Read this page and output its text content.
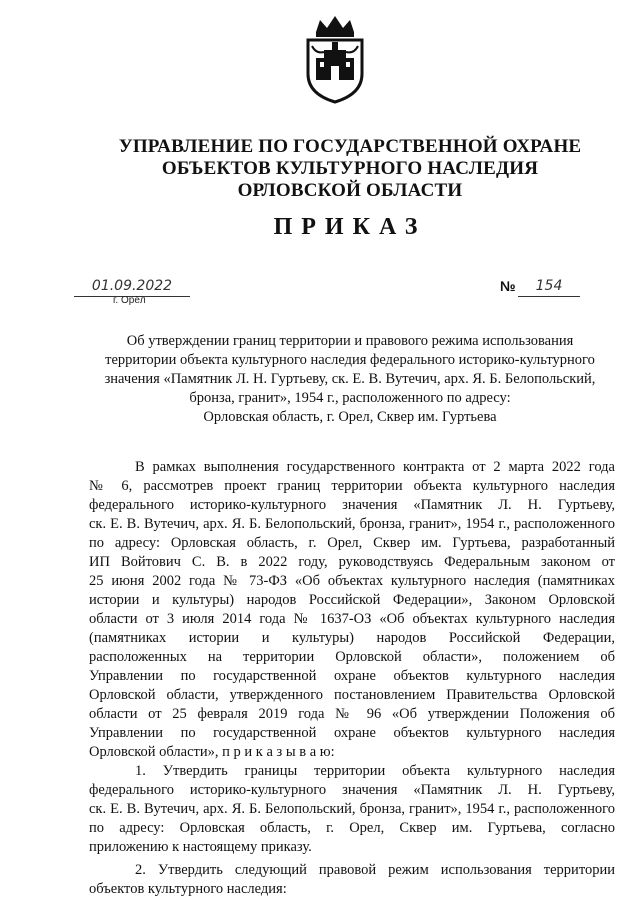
УПРАВЛЕНИЕ ПО ГОСУДАРСТВЕННОЙ ОХРАНЕ
ОБЪЕКТОВ КУЛЬТУРНОГО НАСЛЕДИЯ
ОРЛОВСКОЙ ОБЛАСТИ
ПРИКАЗ
01.09.2022
г. Орёл
№	154
Об утверждении границ территории и правового режима использования
территории объекта культурного наследия федерального историко-культурного
значения «Памятник Л. Н. Гуртьеву, ск. Е. В. Вутечич, арх. Я. Б. Белопольский,
бронза, гранит», 1954 г., расположенного по адресу:
Орловская область, г. Орел, Сквер им. Гуртьева
В рамках выполнения государственного контракта от 2 марта 2022 года
№ 6, рассмотрев проект границ территории объекта культурного наследия
федерального историко-культурного значения «Памятник Л. Н. Гуртьеву,
ск. Е. В. Вутечич, арх. Я. Б. Белопольский, бронза, гранит», 1954 г., расположенного
по адресу: Орловская область, г. Орел, Сквер им. Гуртьева, разработанный
ИП Войтович С. В. в 2022 году, руководствуясь Федеральным законом от
25 июня 2002 года № 73-ФЗ «Об объектах культурного наследия (памятниках
истории и культуры) народов Российской Федерации», Законом Орловской
области от 3 июля 2014 года № 1637-ОЗ «Об объектах культурного наследия
(памятниках истории и культуры) народов Российской Федерации,
расположенных на территории Орловской области», положением об
Управлении по государственной охране объектов культурного наследия
Орловской области, утвержденного постановлением Правительства Орловской
области от 25 февраля 2019 года № 96 «Об утверждении Положения об
Управлении по государственной охране объектов культурного наследия
Орловской области», п р и к а з ы в а ю:
1. Утвердить границы территории объекта культурного наследия
федерального историко-культурного значения «Памятник Л. Н. Гуртьеву,
ск. Е. В. Вутечич, арх. Я. Б. Белопольский, бронза, гранит», 1954 г., расположенного
по адресу: Орловская область, г. Орел, Сквер им. Гуртьева, согласно
приложению к настоящему приказу.
2. Утвердить следующий правовой режим использования территории
объектов культурного наследия:
